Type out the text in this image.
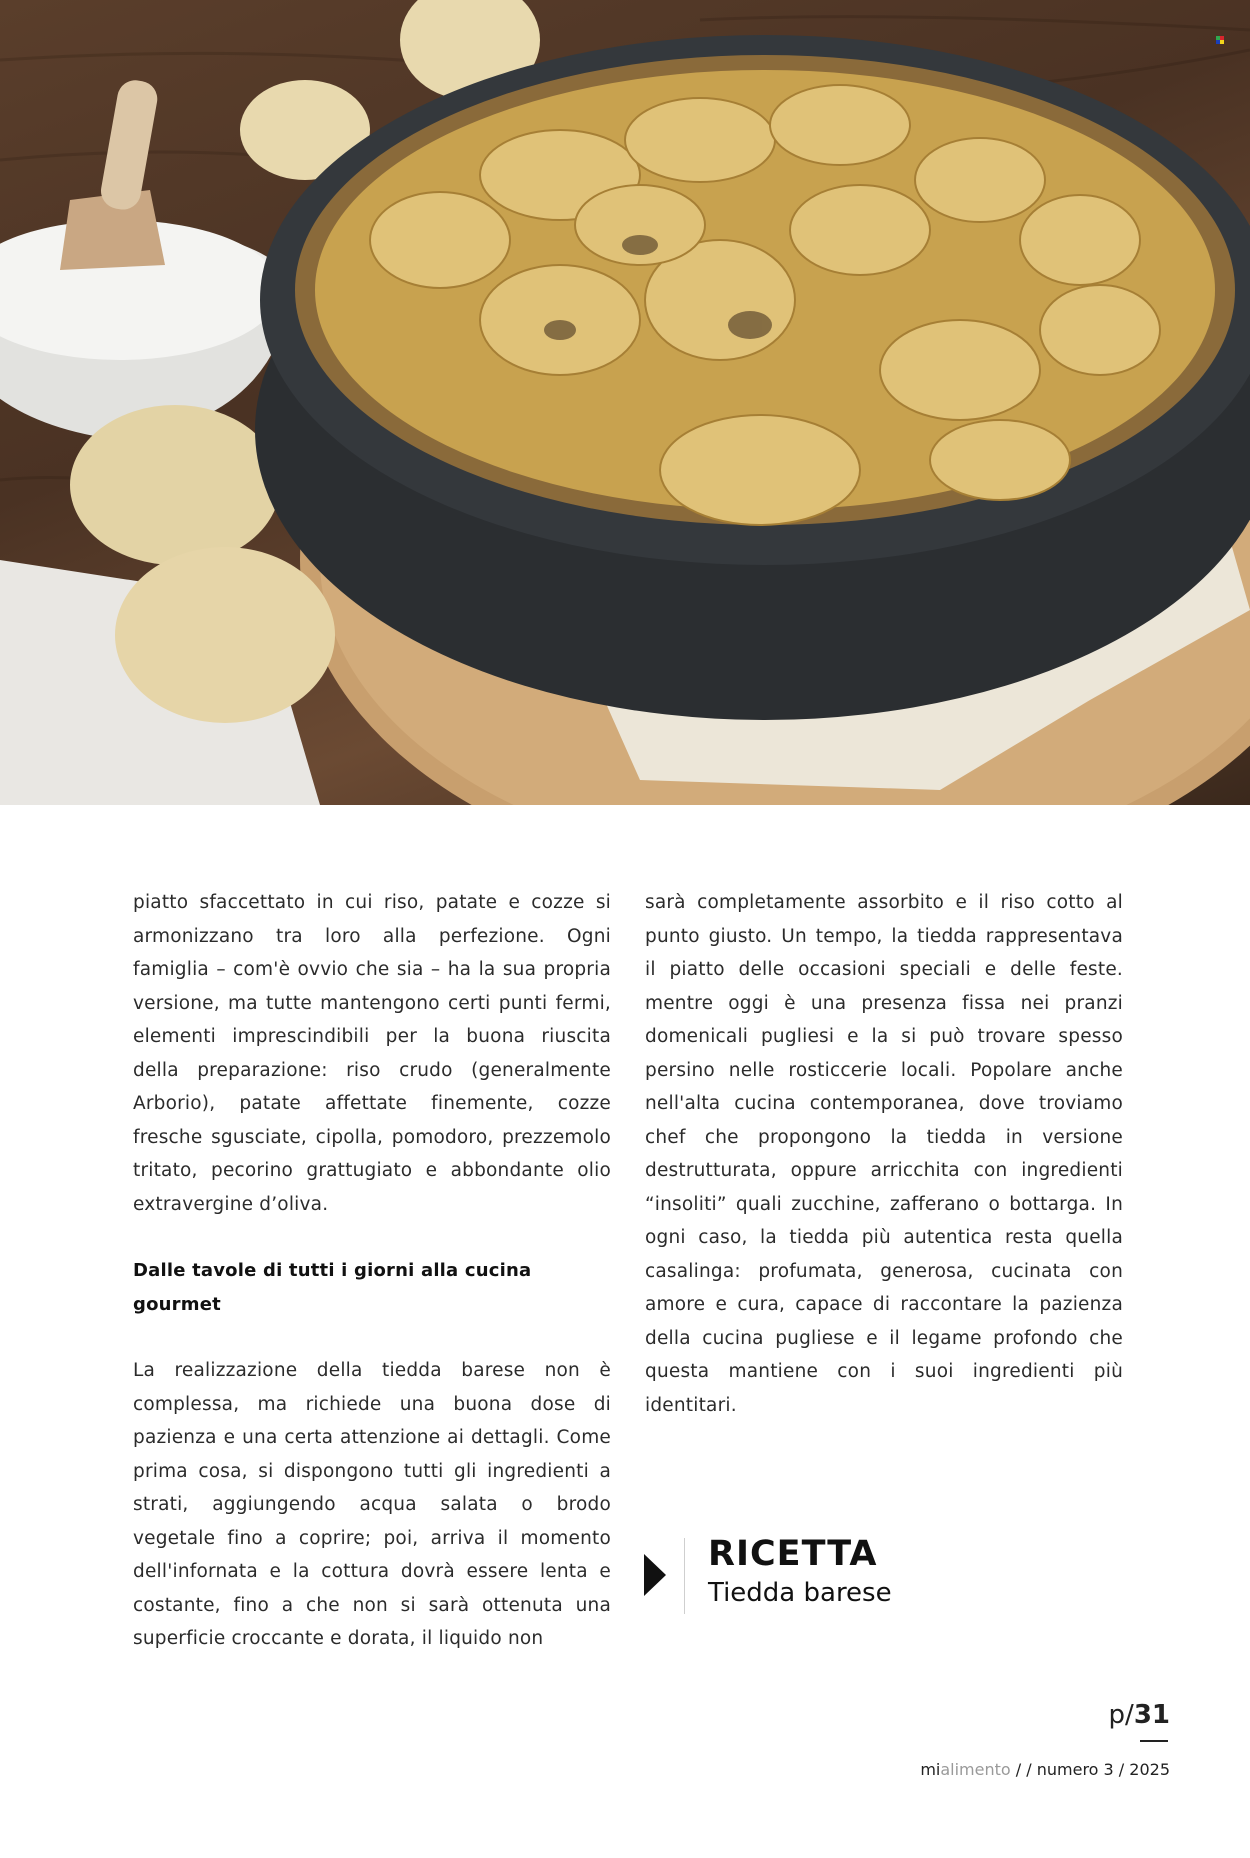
piatto sfaccettato in cui riso, patate e cozze si armonizzano tra loro alla perfezione. Ogni famiglia – com'è ovvio che sia – ha la sua propria versione, ma tutte mantengono certi punti fermi, elementi imprescindibili per la buona riuscita della preparazione: riso crudo (generalmente Arborio), patate affettate finemente, cozze fresche sgusciate, cipolla, pomodoro, prezzemolo tritato, pecorino grattugiato e abbondante olio extravergine d’oliva.

Dalle tavole di tutti i giorni alla cucina gourmet

La realizzazione della tiedda barese non è complessa, ma richiede una buona dose di pazienza e una certa attenzione ai dettagli. Come prima cosa, si dispongono tutti gli ingredienti a strati, aggiungendo acqua salata o brodo vegetale fino a coprire; poi, arriva il momento dell'infornata e la cottura dovrà essere lenta e costante, fino a che non si sarà ottenuta una superficie croccante e dorata, il liquido non

sarà completamente assorbito e il riso cotto al punto giusto. Un tempo, la tiedda rappresentava il piatto delle occasioni speciali e delle feste. mentre oggi è una presenza fissa nei pranzi domenicali pugliesi e la si può trovare spesso persino nelle rosticcerie locali. Popolare anche nell'alta cucina contemporanea, dove troviamo chef che propongono la tiedda in versione destrutturata, oppure arricchita con ingredienti “insoliti” quali zucchine, zafferano o bottarga. In ogni caso, la tiedda più autentica resta quella casalinga: profumata, generosa, cucinata con amore e cura, capace di raccontare la pazienza della cucina pugliese e il legame profondo che questa mantiene con i suoi ingredienti più identitari.

RICETTA
Tiedda barese
p/31
mialimento / / numero 3 / 2025
